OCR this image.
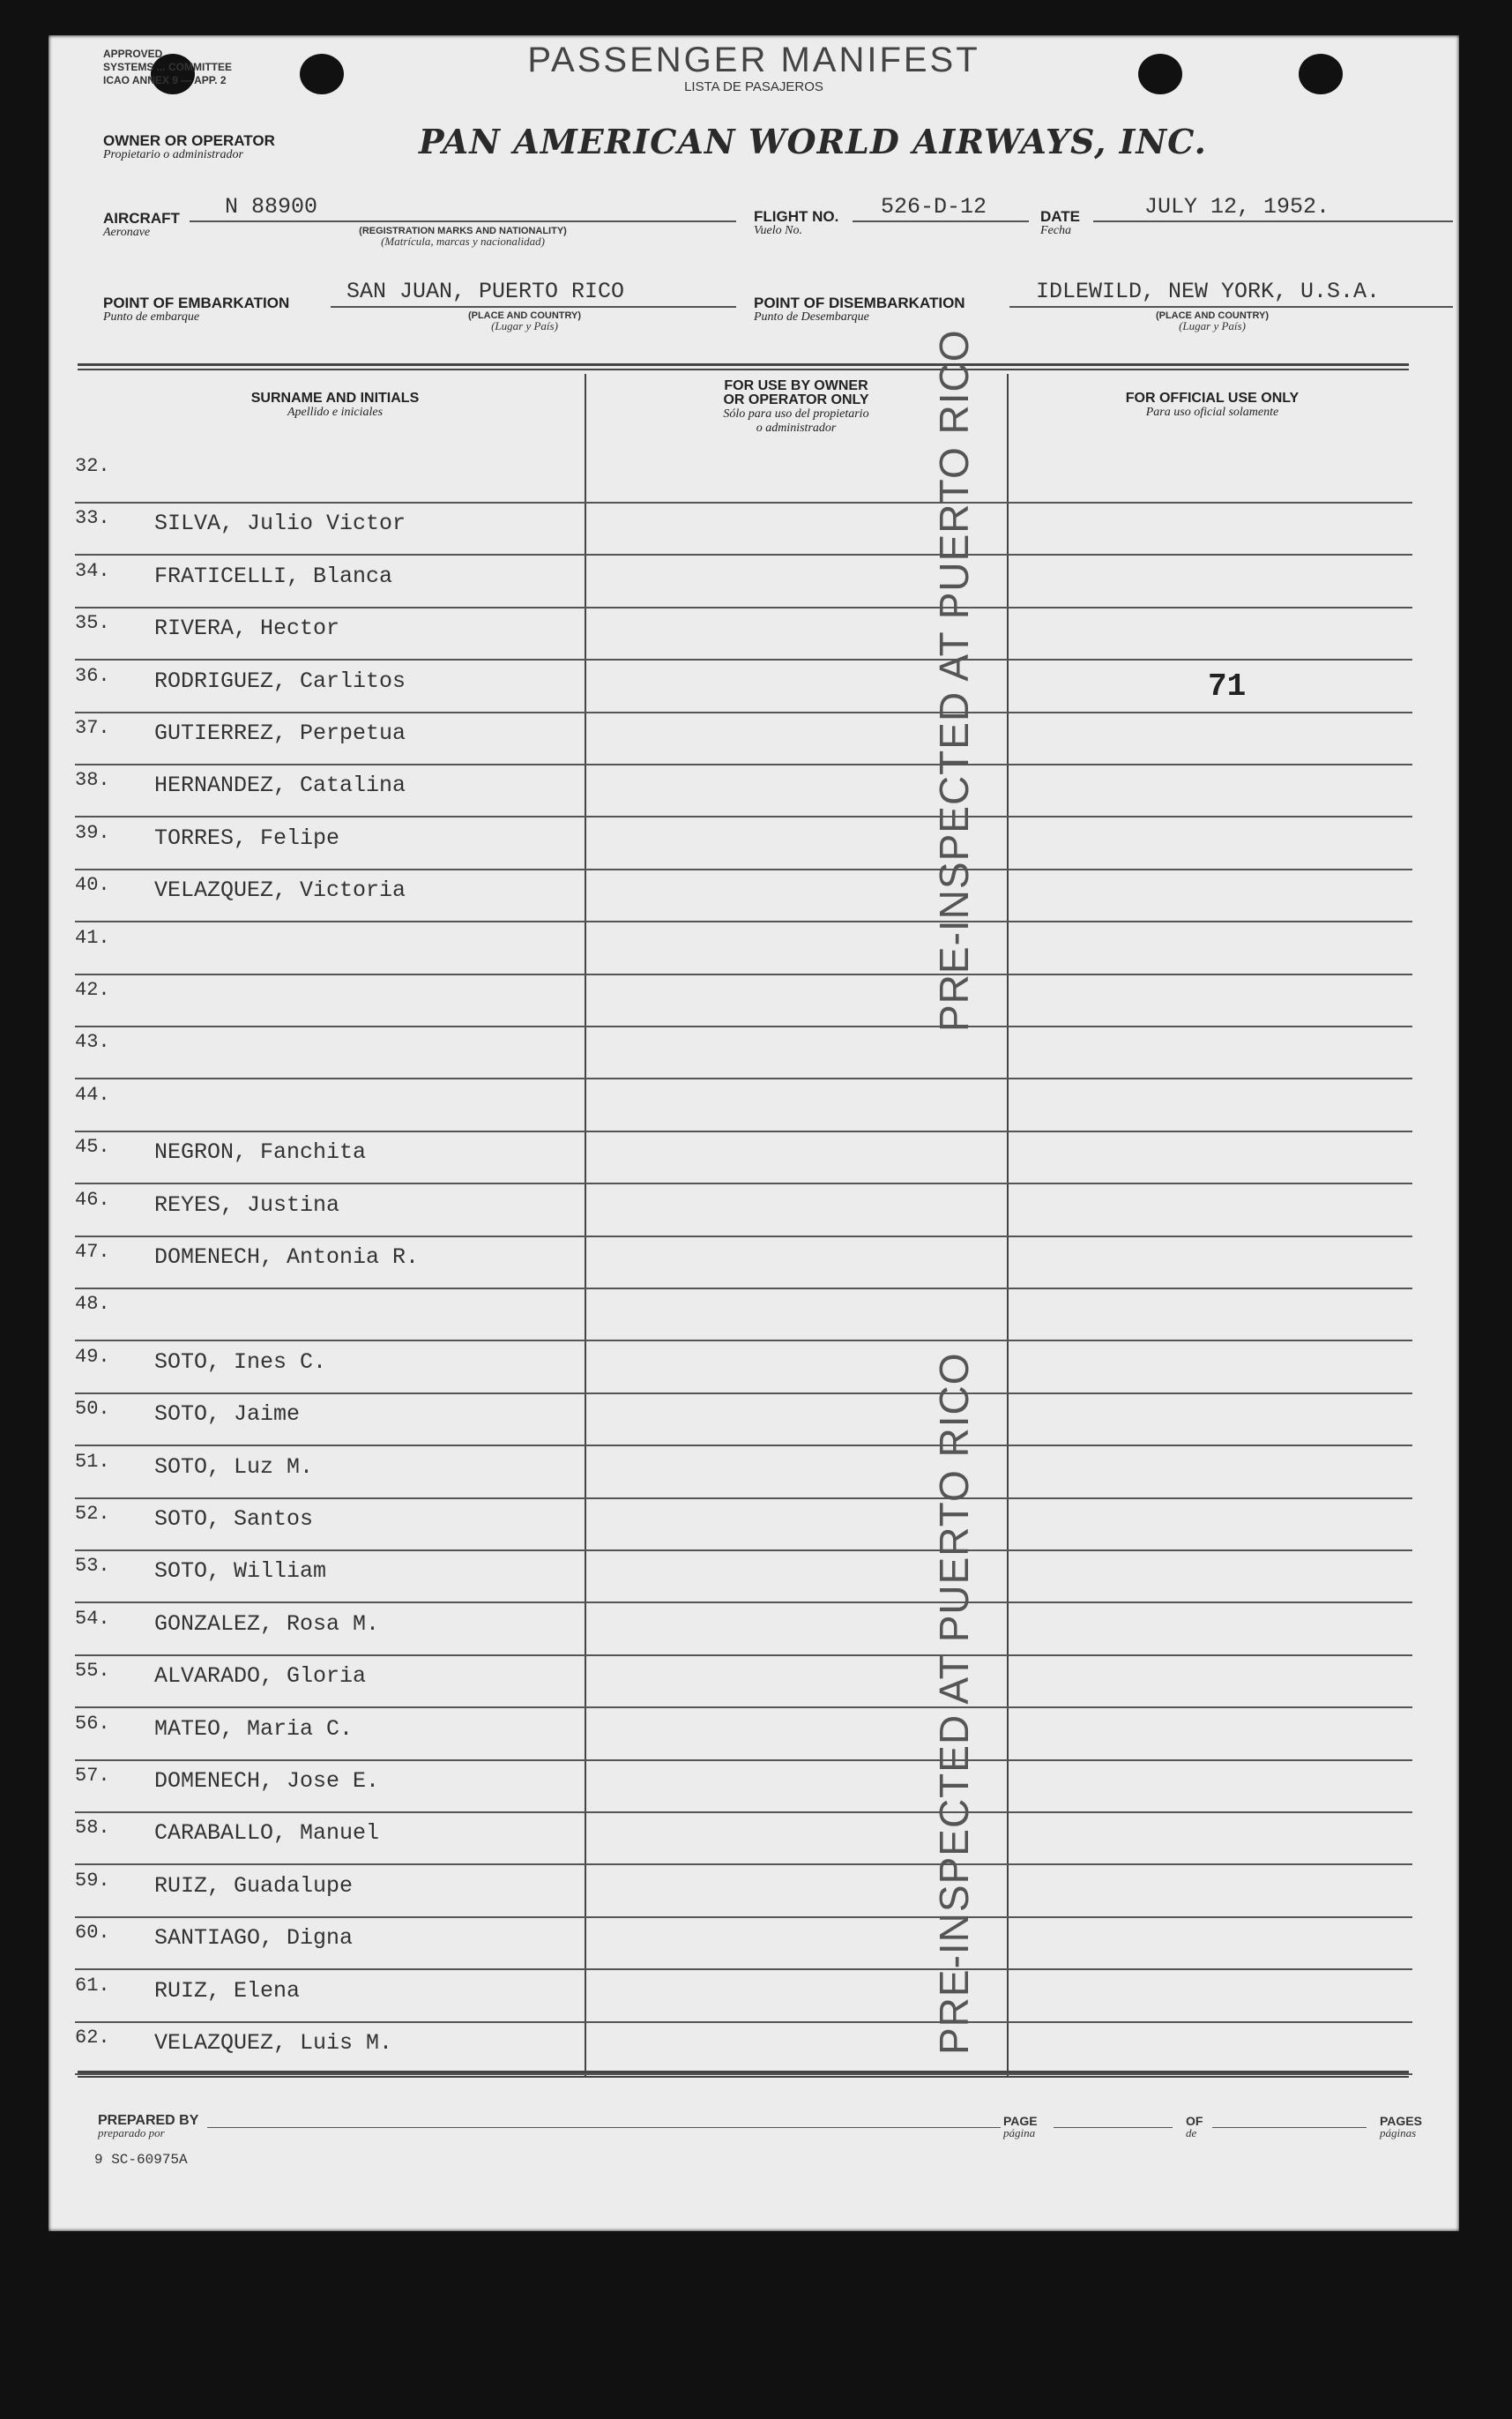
APPROVED
SYSTEMS ... COMMITTEE
ICAO ANNEX 9 — APP. 2
PASSENGER MANIFEST
LISTA DE PASAJEROS
OWNER OR OPERATOR
Propietario o administrador	PAN AMERICAN WORLD AIRWAYS, INC.
AIRCRAFT
Aeronave
N 88900
(REGISTRATION MARKS AND NATIONALITY)
(Matrícula, marcas y nacionalidad)
FLIGHT NO.
Vuelo No.
526-D-12	DATE
Fecha
JULY 12, 1952.
POINT OF EMBARKATION
Punto de embarque
SAN JUAN, PUERTO RICO
(PLACE AND COUNTRY)
(Lugar y País)
POINT OF DISEMBARKATION
Punto de Desembarque
IDLEWILD, NEW YORK, U.S.A.
(PLACE AND COUNTRY)
(Lugar y País)
SURNAME AND INITIALS
Apellido e iniciales
FOR USE BY OWNER
OR OPERATOR ONLY
Sólo para uso del propietario
o administrador
FOR OFFICIAL USE ONLY
Para uso oficial solamente
32.
33. SILVA, Julio Victor
34. FRATICELLI, Blanca
35. RIVERA, Hector
36. RODRIGUEZ, Carlitos
37. GUTIERREZ, Perpetua
38. HERNANDEZ, Catalina
39. TORRES, Felipe
40. VELAZQUEZ, Victoria
41.
42.
43.
44.
45. NEGRON, Fanchita
46. REYES, Justina
47. DOMENECH, Antonia R.
48.
49. SOTO, Ines C.
50. SOTO, Jaime
51. SOTO, Luz M.
52. SOTO, Santos
53. SOTO, William
54. GONZALEZ, Rosa M.
55. ALVARADO, Gloria
56. MATEO, Maria C.
57. DOMENECH, Jose E.
58. CARABALLO, Manuel
59. RUIZ, Guadalupe
60. SANTIAGO, Digna
61. RUIZ, Elena
62. VELAZQUEZ, Luis M.
71
PRE-INSPECTED AT PUERTO RICO
PRE-INSPECTED AT PUERTO RICO
PREPARED BY
preparado por
PAGE
página
OF
de
PAGES
páginas
9 SC-60975A
